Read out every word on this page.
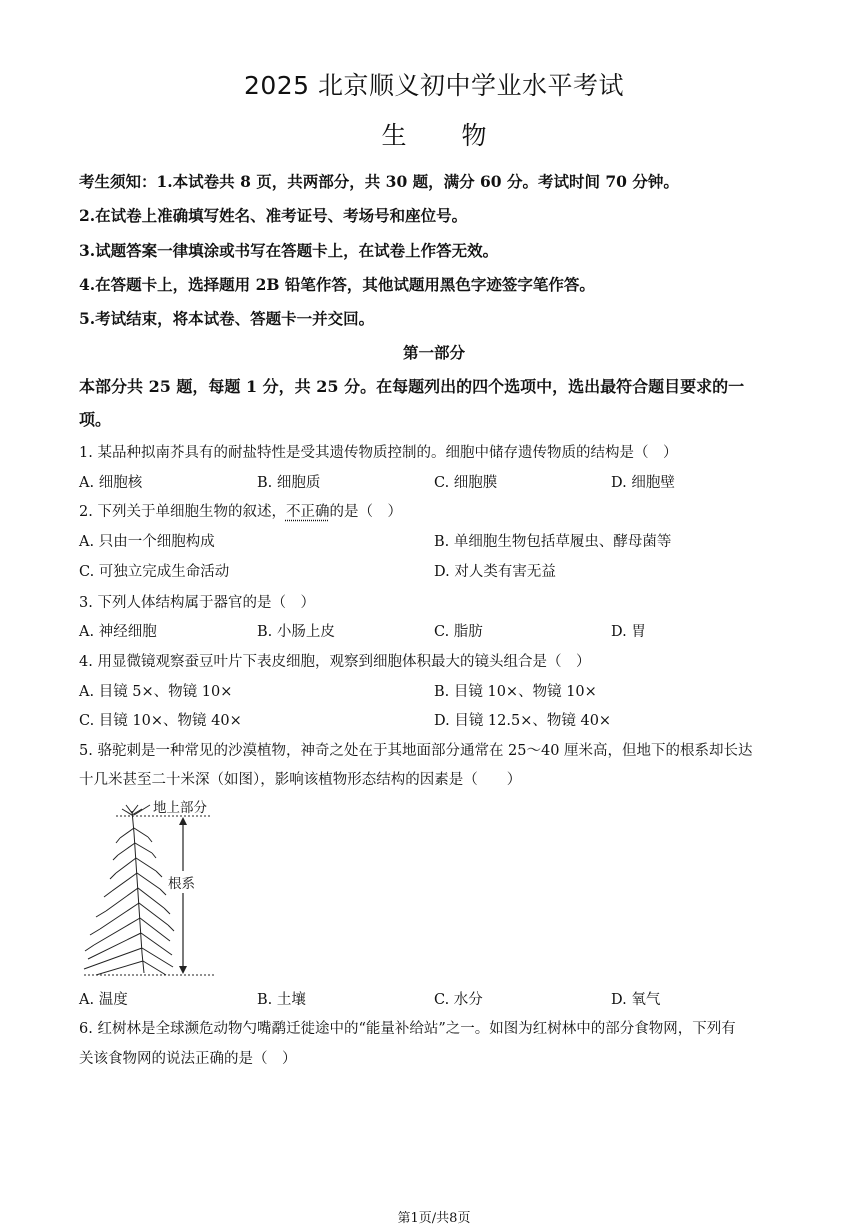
2025 北京顺义初中学业水平考试
生 物
考生须知：1.本试卷共 8 页，共两部分，共 30 题，满分 60 分。考试时间 70 分钟。
2.在试卷上准确填写姓名、准考证号、考场号和座位号。
3.试题答案一律填涂或书写在答题卡上，在试卷上作答无效。
4.在答题卡上，选择题用 2B 铅笔作答，其他试题用黑色字迹签字笔作答。
5.考试结束，将本试卷、答题卡一并交回。
第一部分
本部分共 25 题，每题 1 分，共 25 分。在每题列出的四个选项中，选出最符合题目要求的一
项。
1. 某品种拟南芥具有的耐盐特性是受其遗传物质控制的。细胞中储存遗传物质的结构是（　）
A. 细胞核	B. 细胞质	C. 细胞膜	D. 细胞壁
2. 下列关于单细胞生物的叙述，不正确的是（　）
A. 只由一个细胞构成	B. 单细胞生物包括草履虫、酵母菌等
C. 可独立完成生命活动	D. 对人类有害无益
3. 下列人体结构属于器官的是（　）
A. 神经细胞	B. 小肠上皮	C. 脂肪	D. 胃
4. 用显微镜观察蚕豆叶片下表皮细胞，观察到细胞体积最大的镜头组合是（　）
A. 目镜 5×、物镜 10×	B. 目镜 10×、物镜 10×
C. 目镜 10×、物镜 40×	D. 目镜 12.5×、物镜 40×
5. 骆驼刺是一种常见的沙漠植物，神奇之处在于其地面部分通常在 25～40 厘米高，但地下的根系却长达
十几米甚至二十米深（如图），影响该植物形态结构的因素是（　　）
地上部分
根系
A. 温度	B. 土壤	C. 水分	D. 氧气
6. 红树林是全球濒危动物勺嘴鹬迁徙途中的“能量补给站”之一。如图为红树林中的部分食物网，下列有
关该食物网的说法正确的是（　）
第1页/共8页
